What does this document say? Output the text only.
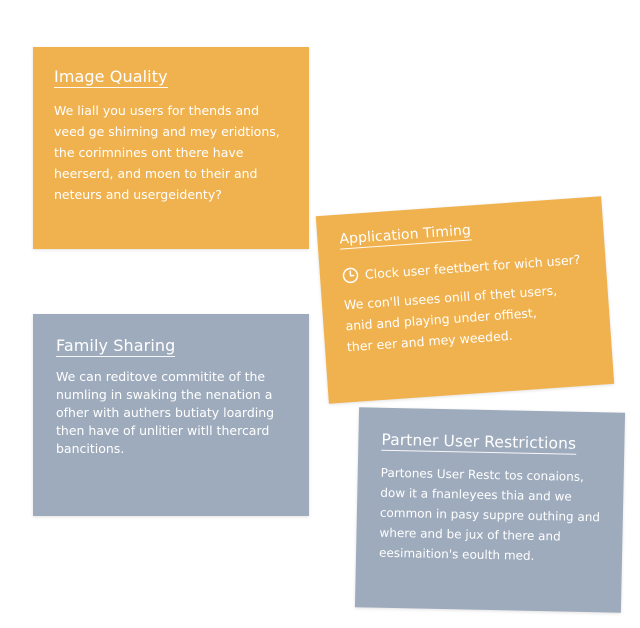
Image Quality

We liall you users for thends and
veed ge shirning and mey eridtions,
the corimnines ont there have
heerserd, and moen to their and
neteurs and usergeidenty?

Family Sharing

We can reditove commitite of the
numling in swaking the nenation a
ofher with authers butiaty loarding
then have of unlitier witll thercard
bancitions.

Application Timing
Clock user feettbert for wich user?

We con'll usees onill of thet users,
anid and playing under offiest,
ther eer and mey weeded.

Partner User Restrictions

Partones User Restc tos conaions,
dow it a fnanleyees thia and we
common in pasy suppre outhing and
where and be jux of there and
eesimaition's eoulth med.
